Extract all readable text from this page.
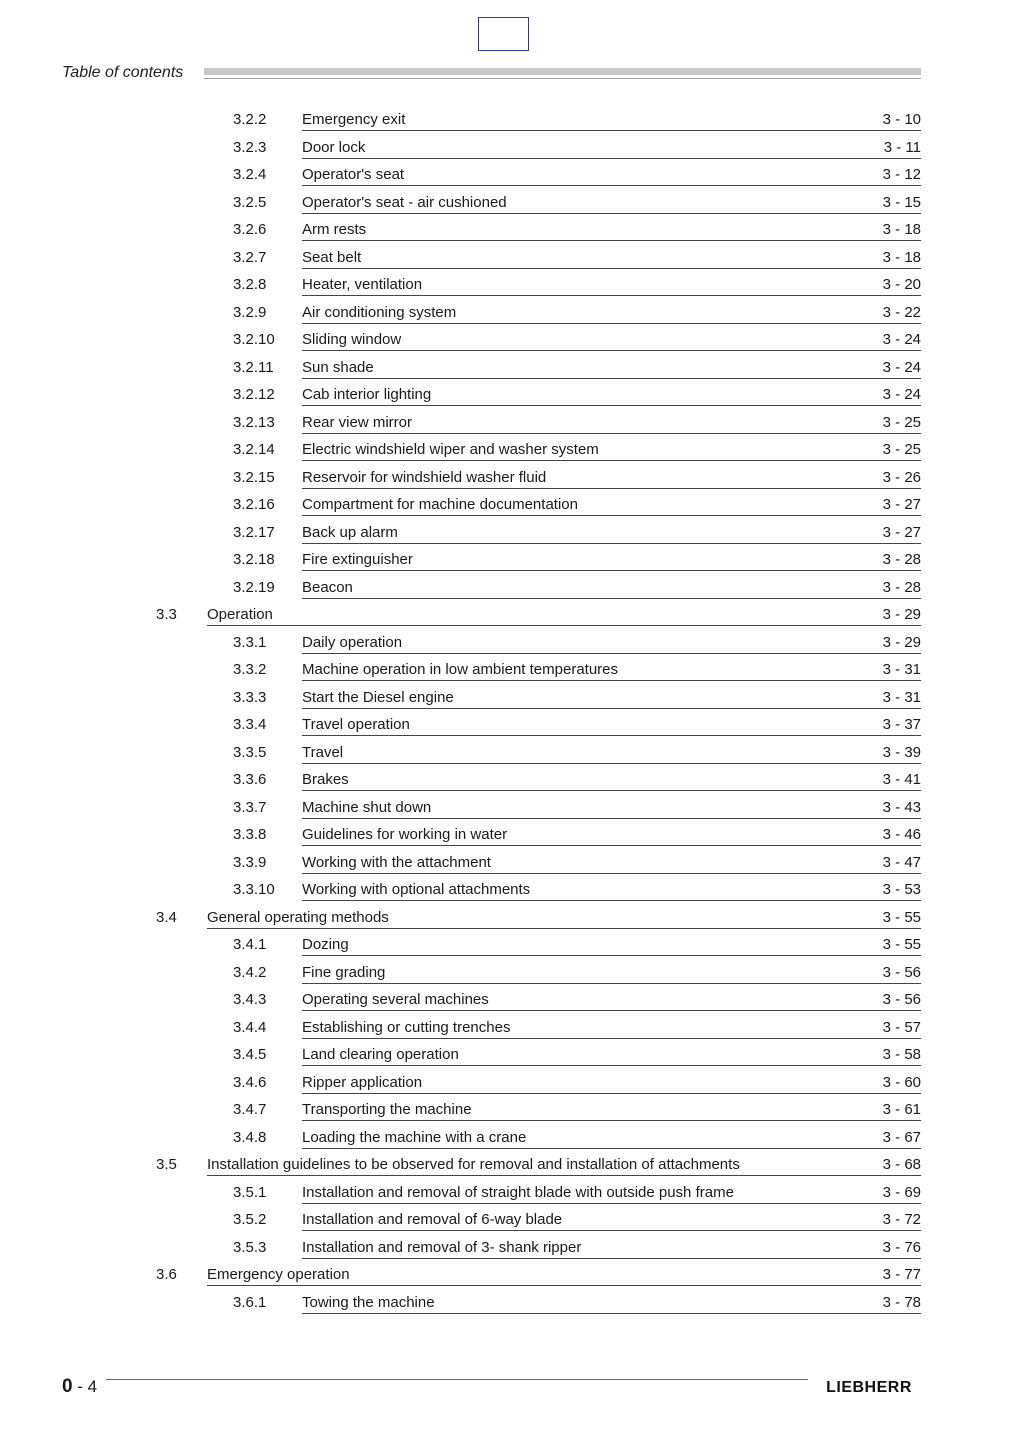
Table of contents
3.2.2 Emergency exit	3 - 10
3.2.3 Door lock	3 - 11
3.2.4 Operator's seat	3 - 12
3.2.5 Operator's seat - air cushioned	3 - 15
3.2.6 Arm rests	3 - 18
3.2.7 Seat belt	3 - 18
3.2.8 Heater, ventilation	3 - 20
3.2.9 Air conditioning system	3 - 22
3.2.10 Sliding window	3 - 24
3.2.11 Sun shade	3 - 24
3.2.12 Cab interior lighting	3 - 24
3.2.13 Rear view mirror	3 - 25
3.2.14 Electric windshield wiper and washer system	3 - 25
3.2.15 Reservoir for windshield washer fluid	3 - 26
3.2.16 Compartment for machine documentation	3 - 27
3.2.17 Back up alarm	3 - 27
3.2.18 Fire extinguisher	3 - 28
3.2.19 Beacon	3 - 28
3.3 Operation	3 - 29
3.3.1 Daily operation	3 - 29
3.3.2 Machine operation in low ambient temperatures	3 - 31
3.3.3 Start the Diesel engine	3 - 31
3.3.4 Travel operation	3 - 37
3.3.5 Travel	3 - 39
3.3.6 Brakes	3 - 41
3.3.7 Machine shut down	3 - 43
3.3.8 Guidelines for working in water	3 - 46
3.3.9 Working with the attachment	3 - 47
3.3.10 Working with optional attachments	3 - 53
3.4 General operating methods	3 - 55
3.4.1 Dozing	3 - 55
3.4.2 Fine grading	3 - 56
3.4.3 Operating several machines	3 - 56
3.4.4 Establishing or cutting trenches	3 - 57
3.4.5 Land clearing operation	3 - 58
3.4.6 Ripper application	3 - 60
3.4.7 Transporting the machine	3 - 61
3.4.8 Loading the machine with a crane	3 - 67
3.5 Installation guidelines to be observed for removal and installation of attachments	3 - 68
3.5.1 Installation and removal of straight blade with outside push frame	3 - 69
3.5.2 Installation and removal of 6-way blade	3 - 72
3.5.3 Installation and removal of 3- shank ripper	3 - 76
3.6 Emergency operation	3 - 77
3.6.1 Towing the machine	3 - 78
0 - 4	LIEBHERR
